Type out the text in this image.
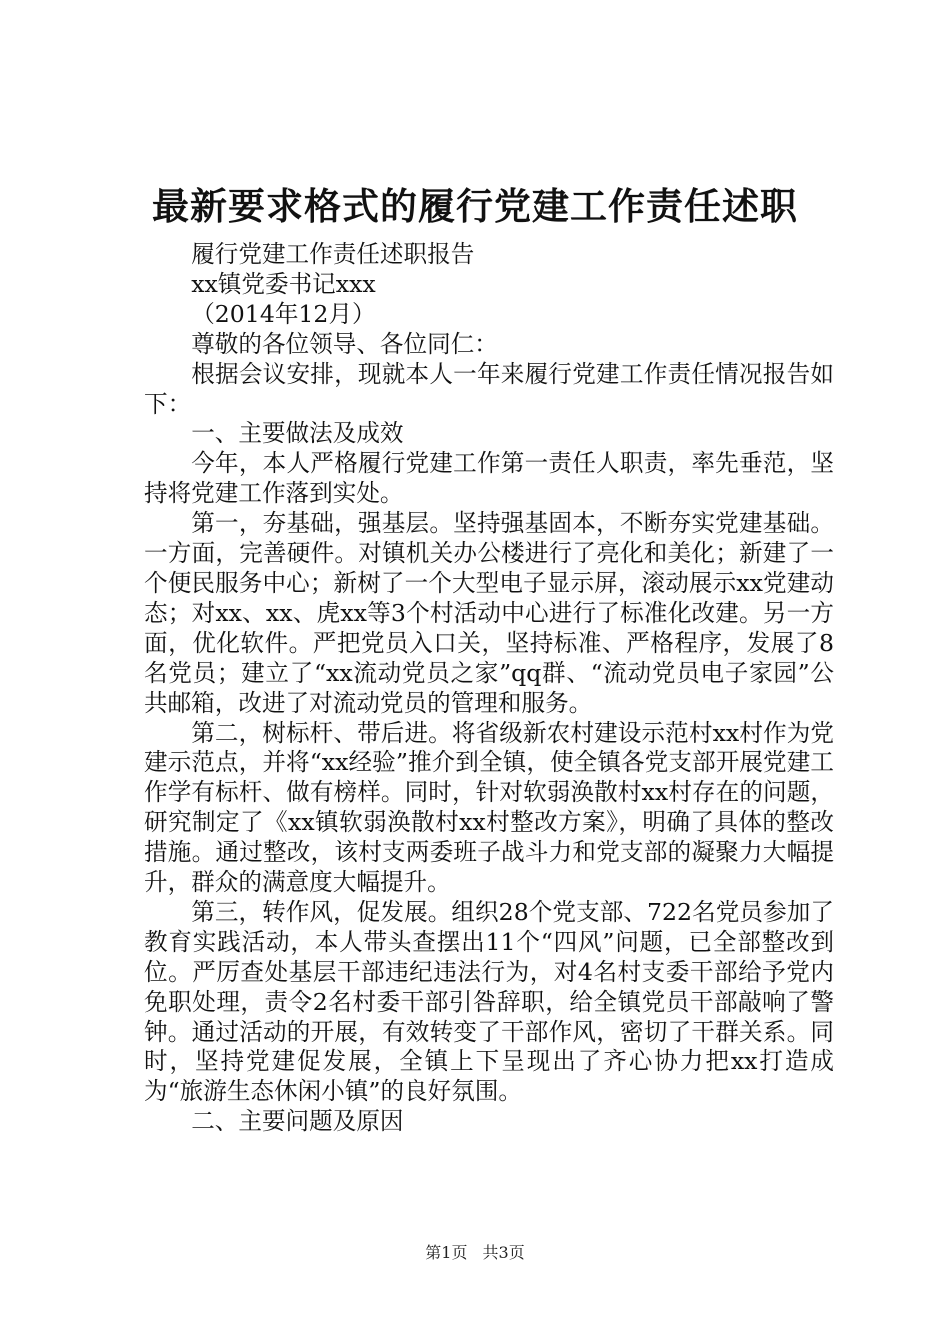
最新要求格式的履行党建工作责任述职

履行党建工作责任述职报告

xx镇党委书记xxx

（2014年12月）

尊敬的各位领导、各位同仁：

根据会议安排，现就本人一年来履行党建工作责任情况报告如下：

一、主要做法及成效

今年，本人严格履行党建工作第一责任人职责，率先垂范，坚持将党建工作落到实处。

第一，夯基础，强基层。坚持强基固本，不断夯实党建基础。一方面，完善硬件。对镇机关办公楼进行了亮化和美化；新建了一个便民服务中心；新树了一个大型电子显示屏，滚动展示xx党建动态；对xx、xx、虎xx等3个村活动中心进行了标准化改建。另一方面，优化软件。严把党员入口关，坚持标准、严格程序，发展了8名党员；建立了“xx流动党员之家”qq群、“流动党员电子家园”公共邮箱，改进了对流动党员的管理和服务。

第二，树标杆、带后进。将省级新农村建设示范村xx村作为党建示范点，并将“xx经验”推介到全镇，使全镇各党支部开展党建工作学有标杆、做有榜样。同时，针对软弱涣散村xx村存在的问题，研究制定了《xx镇软弱涣散村xx村整改方案》，明确了具体的整改措施。通过整改，该村支两委班子战斗力和党支部的凝聚力大幅提升，群众的满意度大幅提升。

第三，转作风，促发展。组织28个党支部、722名党员参加了教育实践活动，本人带头查摆出11个“四风”问题，已全部整改到位。严厉查处基层干部违纪违法行为，对4名村支委干部给予党内免职处理，责令2名村委干部引咎辞职，给全镇党员干部敲响了警钟。通过活动的开展，有效转变了干部作风，密切了干群关系。同时，坚持党建促发展，全镇上下呈现出了齐心协力把xx打造成为“旅游生态休闲小镇”的良好氛围。

二、主要问题及原因

第1页 共3页
